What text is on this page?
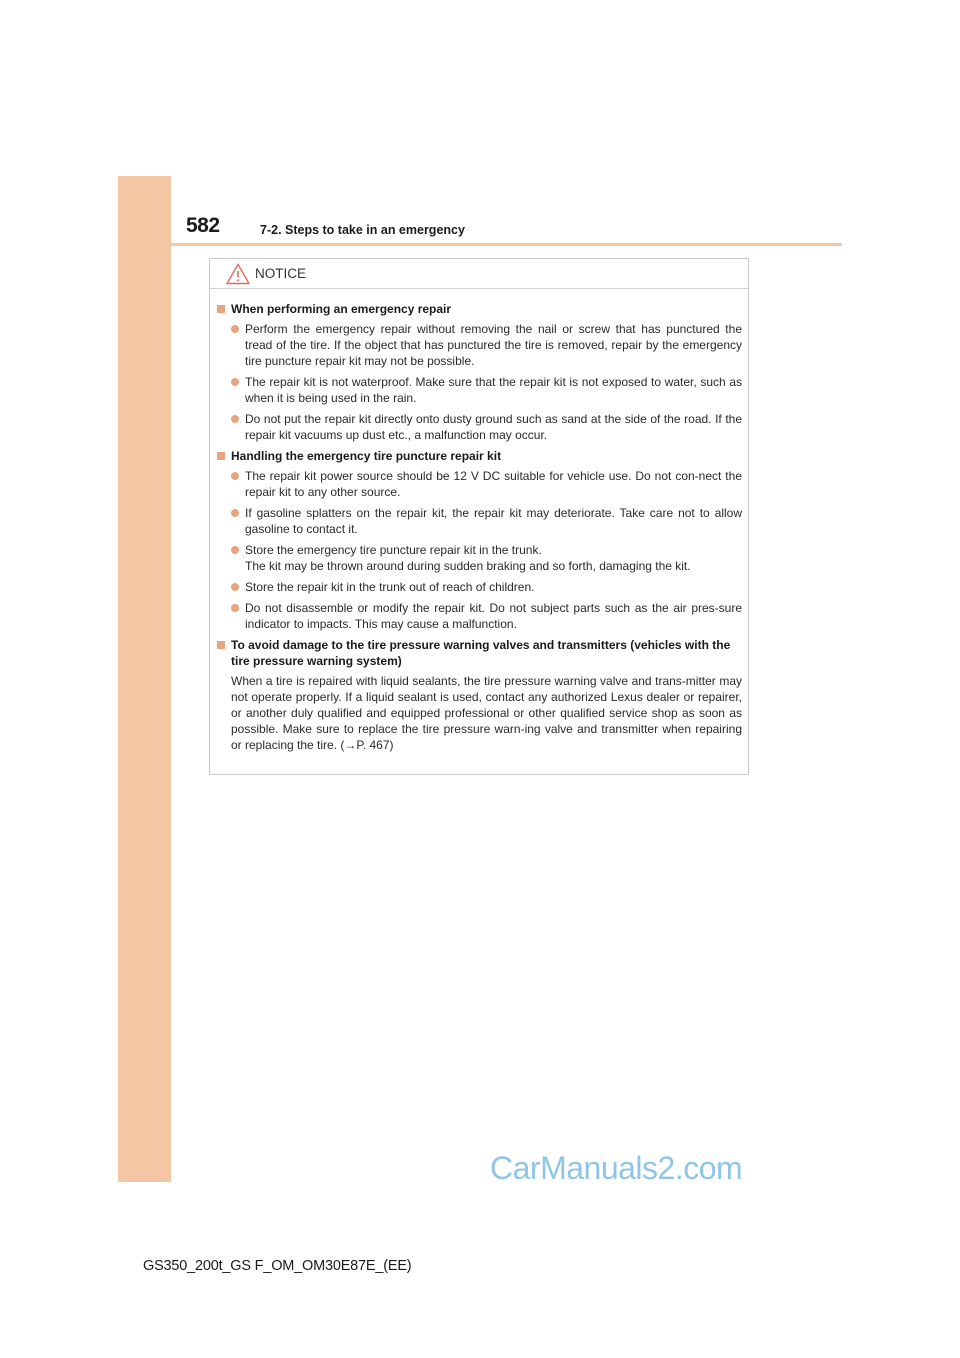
582	7-2. Steps to take in an emergency
NOTICE
When performing an emergency repair
Perform the emergency repair without removing the nail or screw that has punctured the tread of the tire. If the object that has punctured the tire is removed, repair by the emergency tire puncture repair kit may not be possible.
The repair kit is not waterproof. Make sure that the repair kit is not exposed to water, such as when it is being used in the rain.
Do not put the repair kit directly onto dusty ground such as sand at the side of the road. If the repair kit vacuums up dust etc., a malfunction may occur.
Handling the emergency tire puncture repair kit
The repair kit power source should be 12 V DC suitable for vehicle use. Do not con-nect the repair kit to any other source.
If gasoline splatters on the repair kit, the repair kit may deteriorate. Take care not to allow gasoline to contact it.
Store the emergency tire puncture repair kit in the trunk.
The kit may be thrown around during sudden braking and so forth, damaging the kit.
Store the repair kit in the trunk out of reach of children.
Do not disassemble or modify the repair kit. Do not subject parts such as the air pres-sure indicator to impacts. This may cause a malfunction.
To avoid damage to the tire pressure warning valves and transmitters (vehicles with the tire pressure warning system)
When a tire is repaired with liquid sealants, the tire pressure warning valve and trans-mitter may not operate properly. If a liquid sealant is used, contact any authorized Lexus dealer or repairer, or another duly qualified and equipped professional or other qualified service shop as soon as possible. Make sure to replace the tire pressure warn-ing valve and transmitter when repairing or replacing the tire. (→P. 467)
CarManuals2.com
GS350_200t_GS F_OM_OM30E87E_(EE)
